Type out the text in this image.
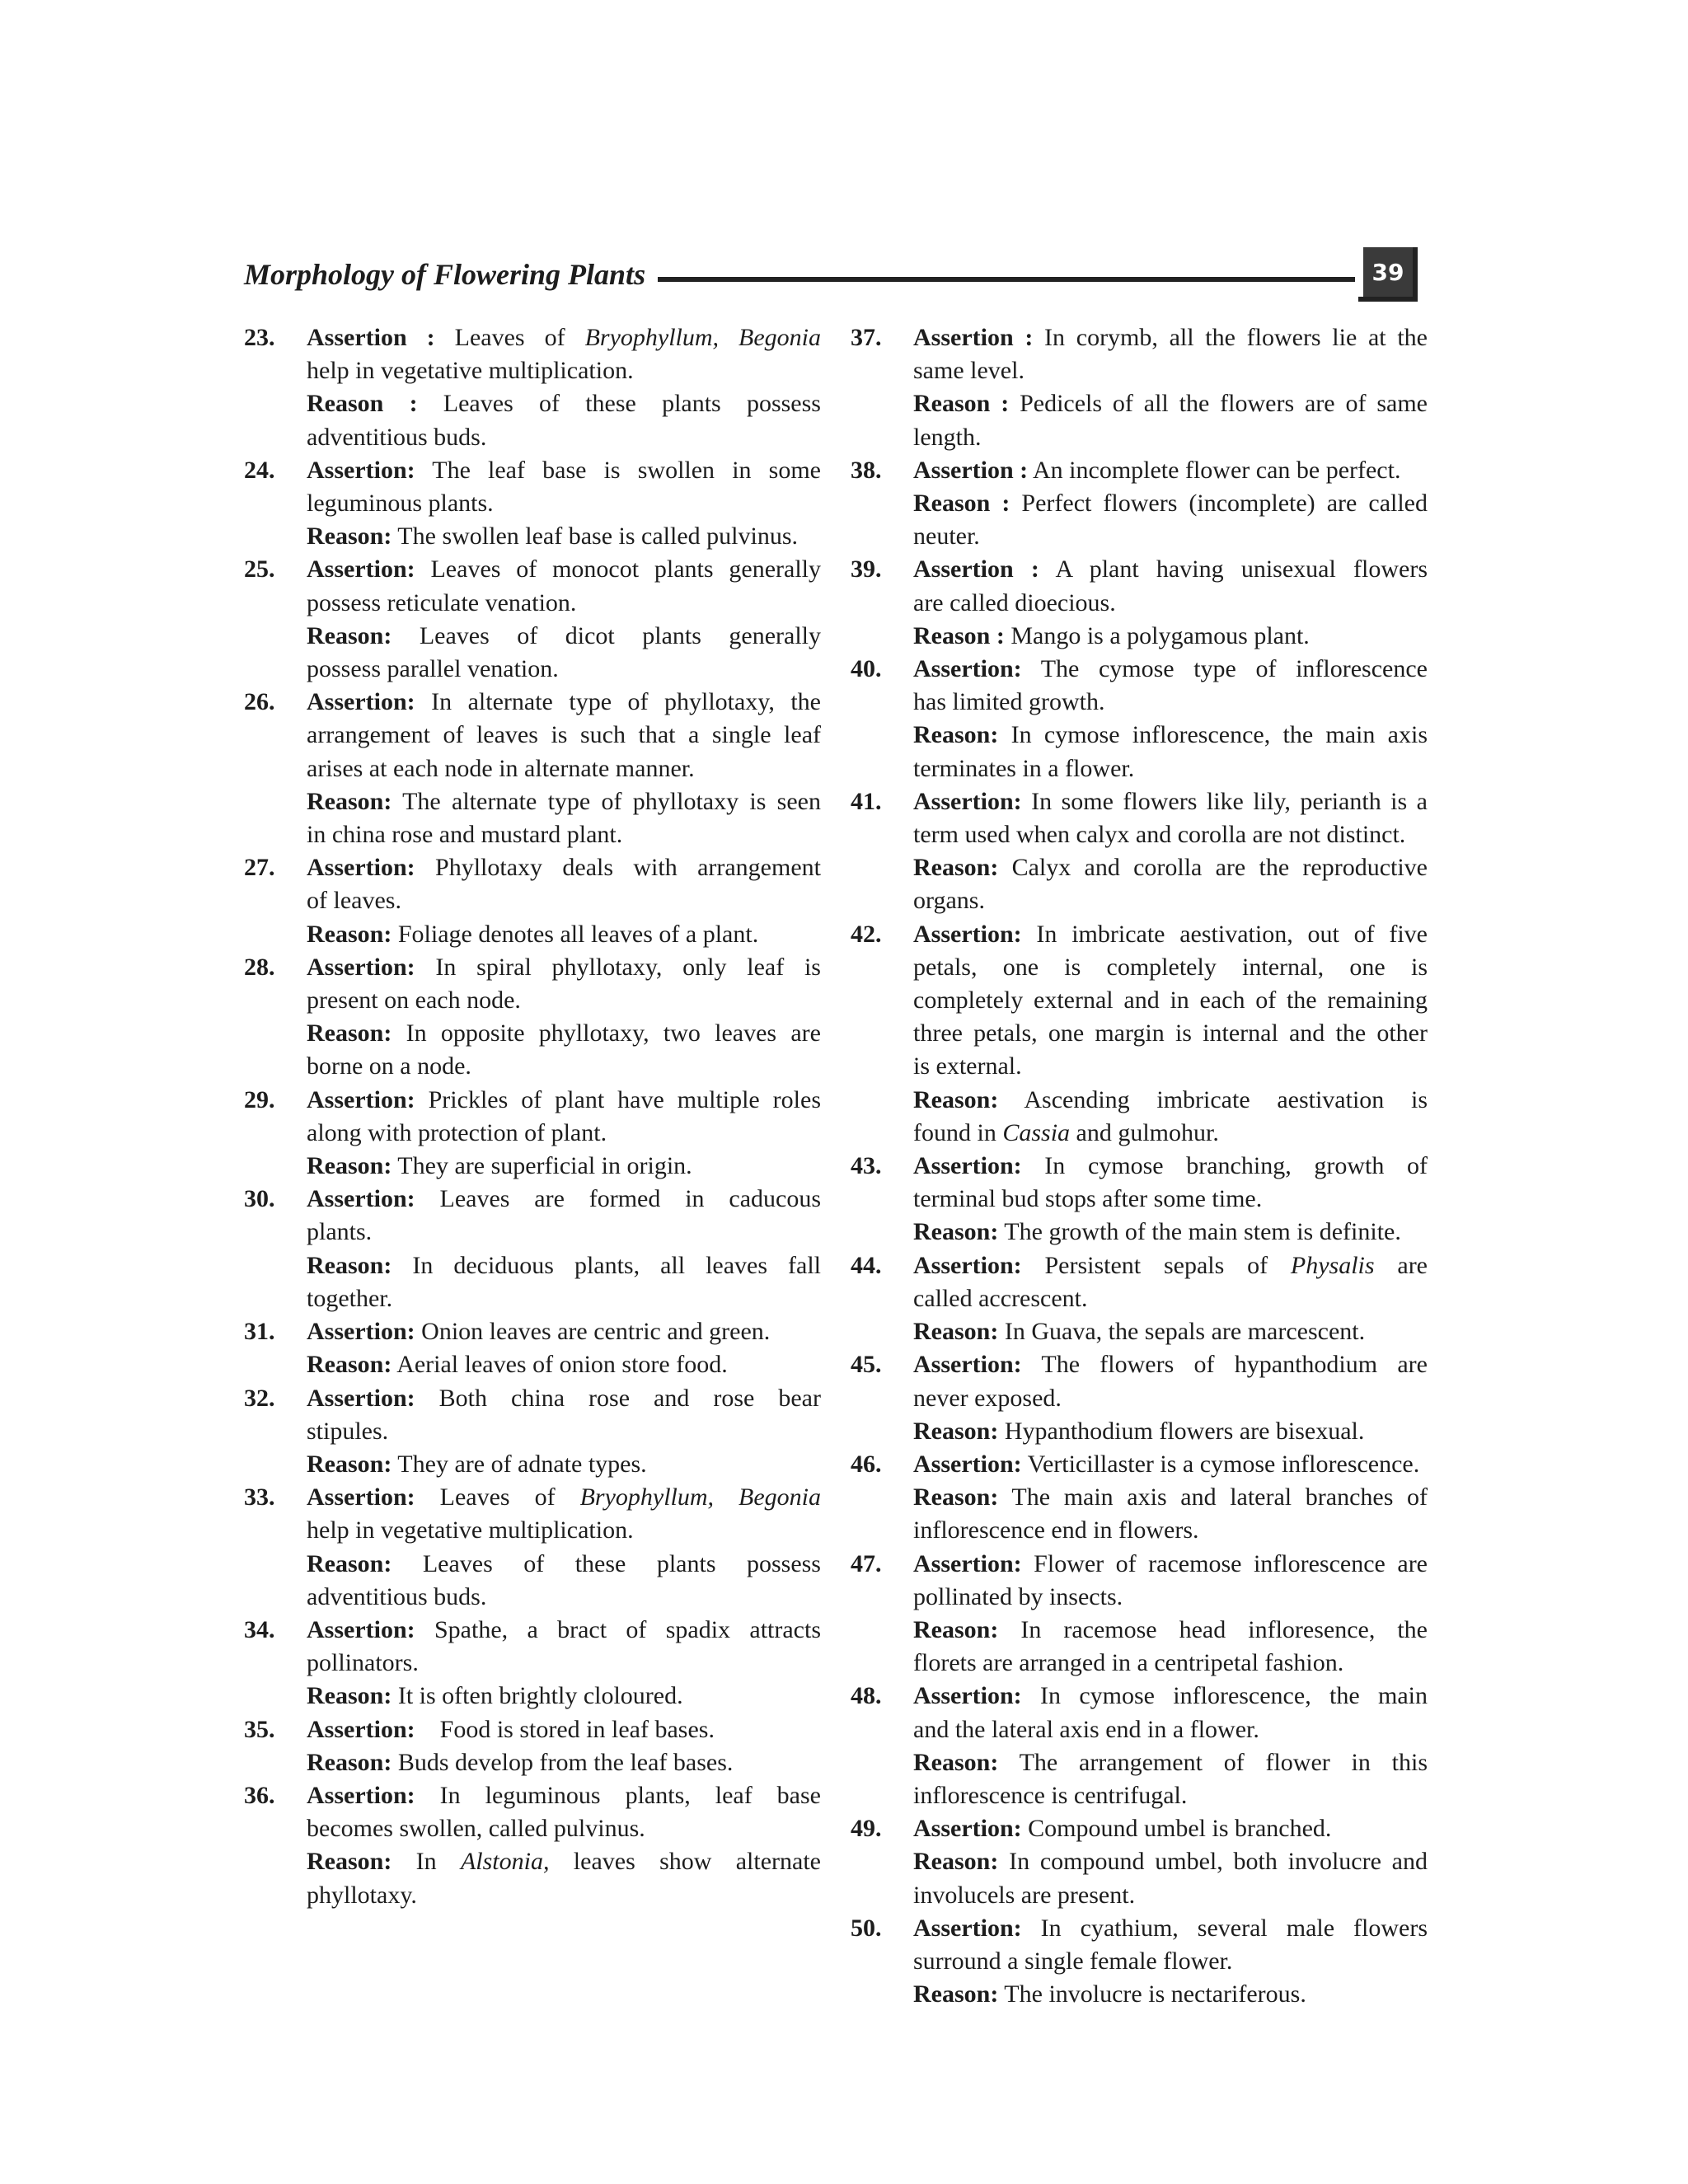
Morphology of Flowering Plants	39
23.	Assertion : Leaves of Bryophyllum, Begonia
help in vegetative multiplication.
Reason : Leaves of these plants possess
adventitious buds.
24.	Assertion: The leaf base is swollen in some
leguminous plants.
Reason: The swollen leaf base is called pulvinus.
25.	Assertion: Leaves of monocot plants generally
possess reticulate venation.
Reason: Leaves of dicot plants generally
possess parallel venation.
26.	Assertion: In alternate type of phyllotaxy, the
arrangement of leaves is such that a single leaf
arises at each node in alternate manner.
Reason: The alternate type of phyllotaxy is seen
in china rose and mustard plant.
27.	Assertion: Phyllotaxy deals with arrangement
of leaves.
Reason: Foliage denotes all leaves of a plant.
28.	Assertion: In spiral phyllotaxy, only leaf is
present on each node.
Reason: In opposite phyllotaxy, two leaves are
borne on a node.
29.	Assertion: Prickles of plant have multiple roles
along with protection of plant.
Reason: They are superficial in origin.
30.	Assertion: Leaves are formed in caducous
plants.
Reason: In deciduous plants, all leaves fall
together.
31.	Assertion: Onion leaves are centric and green.
Reason: Aerial leaves of onion store food.
32.	Assertion: Both china rose and rose bear
stipules.
Reason: They are of adnate types.
33.	Assertion: Leaves of Bryophyllum, Begonia
help in vegetative multiplication.
Reason: Leaves of these plants possess
adventitious buds.
34.	Assertion: Spathe, a bract of spadix attracts
pollinators.
Reason: It is often brightly cloloured.
35.	Assertion:    Food is stored in leaf bases.
Reason: Buds develop from the leaf bases.
36.	Assertion: In leguminous plants, leaf base
becomes swollen, called pulvinus.
Reason: In Alstonia, leaves show alternate
phyllotaxy.
37.	Assertion : In corymb, all the flowers lie at the
same level.
Reason : Pedicels of all the flowers are of same
length.
38.	Assertion : An incomplete flower can be perfect.
Reason : Perfect flowers (incomplete) are called
neuter.
39.	Assertion : A plant having unisexual flowers
are called dioecious.
Reason : Mango is a polygamous plant.
40.	Assertion: The cymose type of inflorescence
has limited growth.
Reason: In cymose inflorescence, the main axis
terminates in a flower.
41.	Assertion: In some flowers like lily, perianth is a
term used when calyx and corolla are not distinct.
Reason: Calyx and corolla are the reproductive
organs.
42.	Assertion: In imbricate aestivation, out of five
petals, one is completely internal, one is
completely external and in each of the remaining
three petals, one margin is internal and the other
is external.
Reason: Ascending imbricate aestivation is
found in Cassia and gulmohur.
43.	Assertion: In cymose branching, growth of
terminal bud stops after some time.
Reason: The growth of the main stem is definite.
44.	Assertion: Persistent sepals of Physalis are
called accrescent.
Reason: In Guava, the sepals are marcescent.
45.	Assertion: The flowers of hypanthodium are
never exposed.
Reason: Hypanthodium flowers are bisexual.
46.	Assertion: Verticillaster is a cymose inflorescence.
Reason: The main axis and lateral branches of
inflorescence end in flowers.
47.	Assertion: Flower of racemose inflorescence are
pollinated by insects.
Reason: In racemose head infloresence, the
florets are arranged in a centripetal fashion.
48.	Assertion: In cymose inflorescence, the main
and the lateral axis end in a flower.
Reason: The arrangement of flower in this
inflorescence is centrifugal.
49.	Assertion: Compound umbel is branched.
Reason: In compound umbel, both involucre and
involucels are present.
50.	Assertion: In cyathium, several male flowers
surround a single female flower.
Reason: The involucre is nectariferous.
